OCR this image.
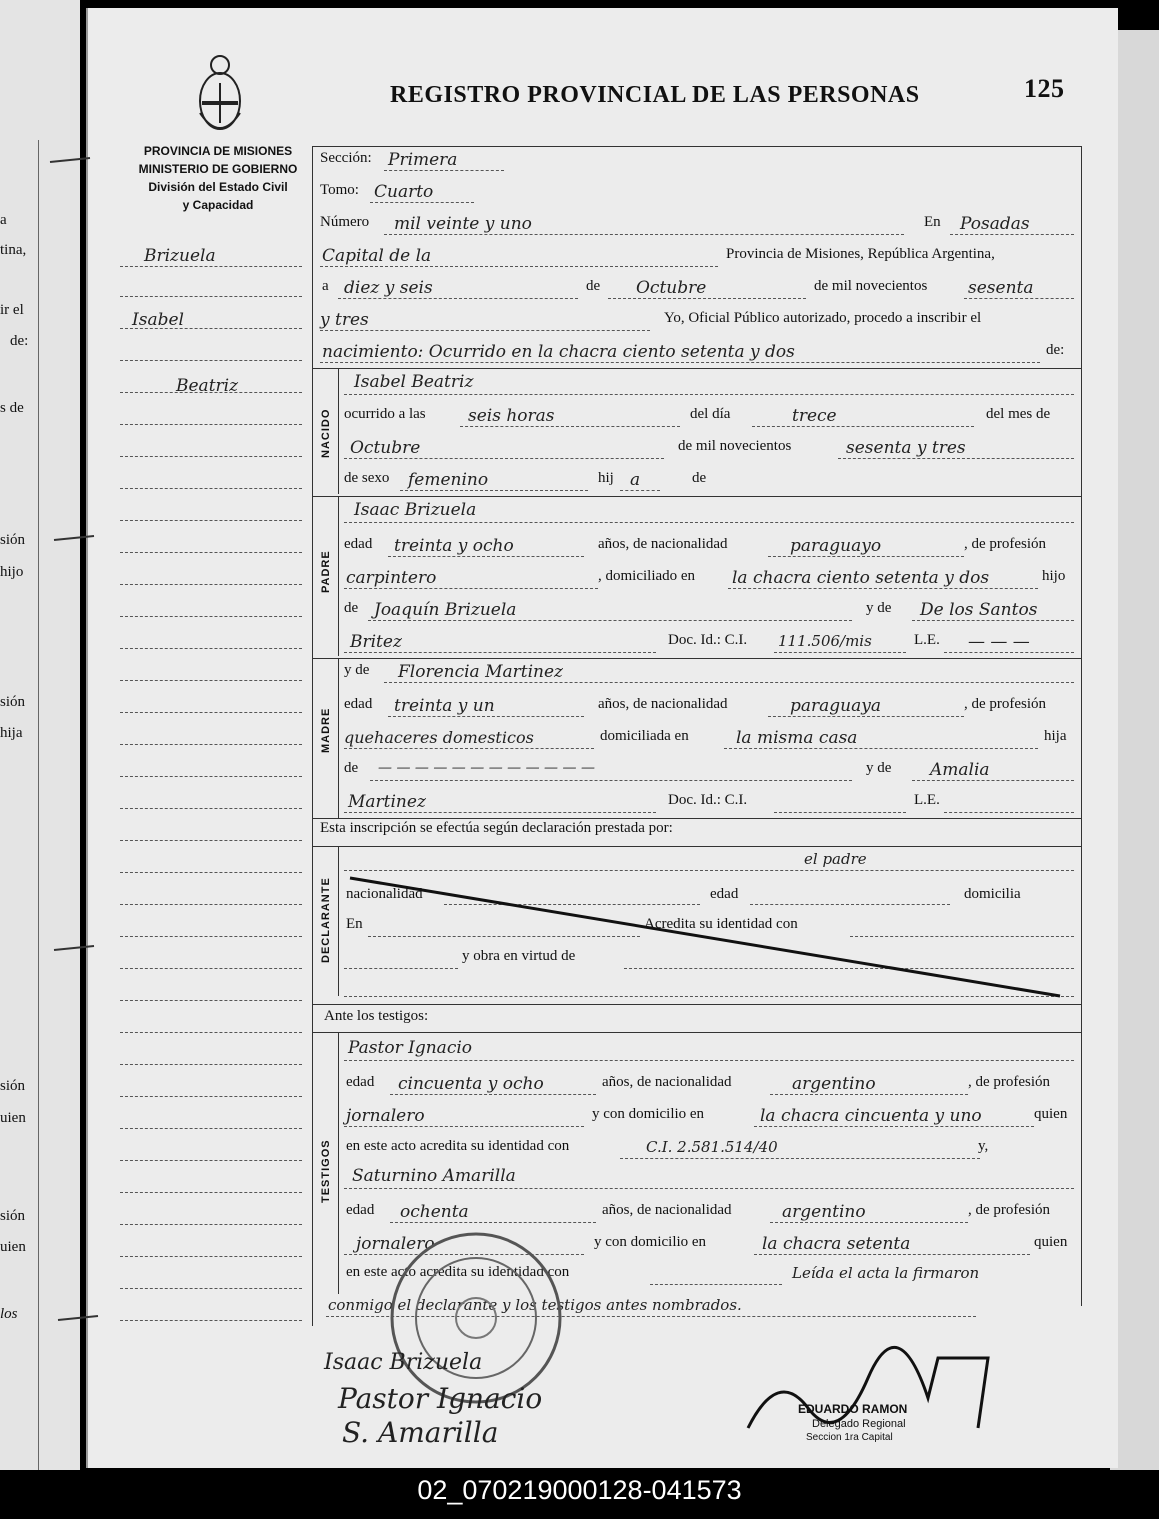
a
tina,
ir el
de:
s de
sión
hijo
sión
hija
sión
uien
sión
uien
los
REGISTRO PROVINCIAL DE LAS PERSONAS	125
PROVINCIA DE MISIONES
MINISTERIO DE GOBIERNO
División del Estado Civil
y Capacidad
Brizuela
Isabel
Beatriz
Sección: Primera
Tomo: Cuarto
Número mil veinte y uno	En Posadas
Capital de la	Provincia de Misiones, República Argentina,
a diez y seis	de Octubre	de mil novecientos sesenta
y tres	Yo, Oficial Público autorizado, procedo a inscribir el
nacimiento: Ocurrido en la chacra ciento setenta y dos	de:
NACIDO
Isabel Beatriz
ocurrido a las seis horas	del día	trece	del mes de
Octubre	de mil novecientos	sesenta y tres
de sexo femenino	hij a	de
PADRE
Isaac Brizuela
edad treinta y ocho	años, de nacionalidad	paraguayo	, de profesión
carpintero	, domiciliado en la chacra ciento setenta y dos	hijo
de Joaquín Brizuela	y de De los Santos
Britez	Doc. Id.: C.I. 111.506/mis	L.E. — — —
MADRE
y de Florencia Martinez
edad treinta y un	años, de nacionalidad	paraguaya	, de profesión
quehaceres domesticos	domiciliada en	la misma casa	hija
de — — — — — — — — — — — —	y de Amalia
Martinez	Doc. Id.: C.I.	L.E.
Esta inscripción se efectúa según declaración prestada por:
DECLARANTE
el padre
nacionalidad	edad	domicilia
En	Acredita su identidad con
y obra en virtud de
Ante los testigos:
TESTIGOS
Pastor Ignacio
edad cincuenta y ocho	años, de nacionalidad	argentino	, de profesión
jornalero	y con domicilio en	la chacra cincuenta y uno	quien
en este acto acredita su identidad con	C.I. 2.581.514/40	y,
Saturnino Amarilla
edad ochenta	años, de nacionalidad	argentino	, de profesión
jornalero	y con domicilio en	la chacra setenta	quien
en este acto acredita su identidad con	Leída el acta la firmaron
conmigo el declarante y los testigos antes nombrados.
Isaac Brizuela
Pastor Ignacio
S. Amarilla
EDUARDO RAMON
Delegado Regional
Seccion 1ra Capital
02_070219000128-041573
